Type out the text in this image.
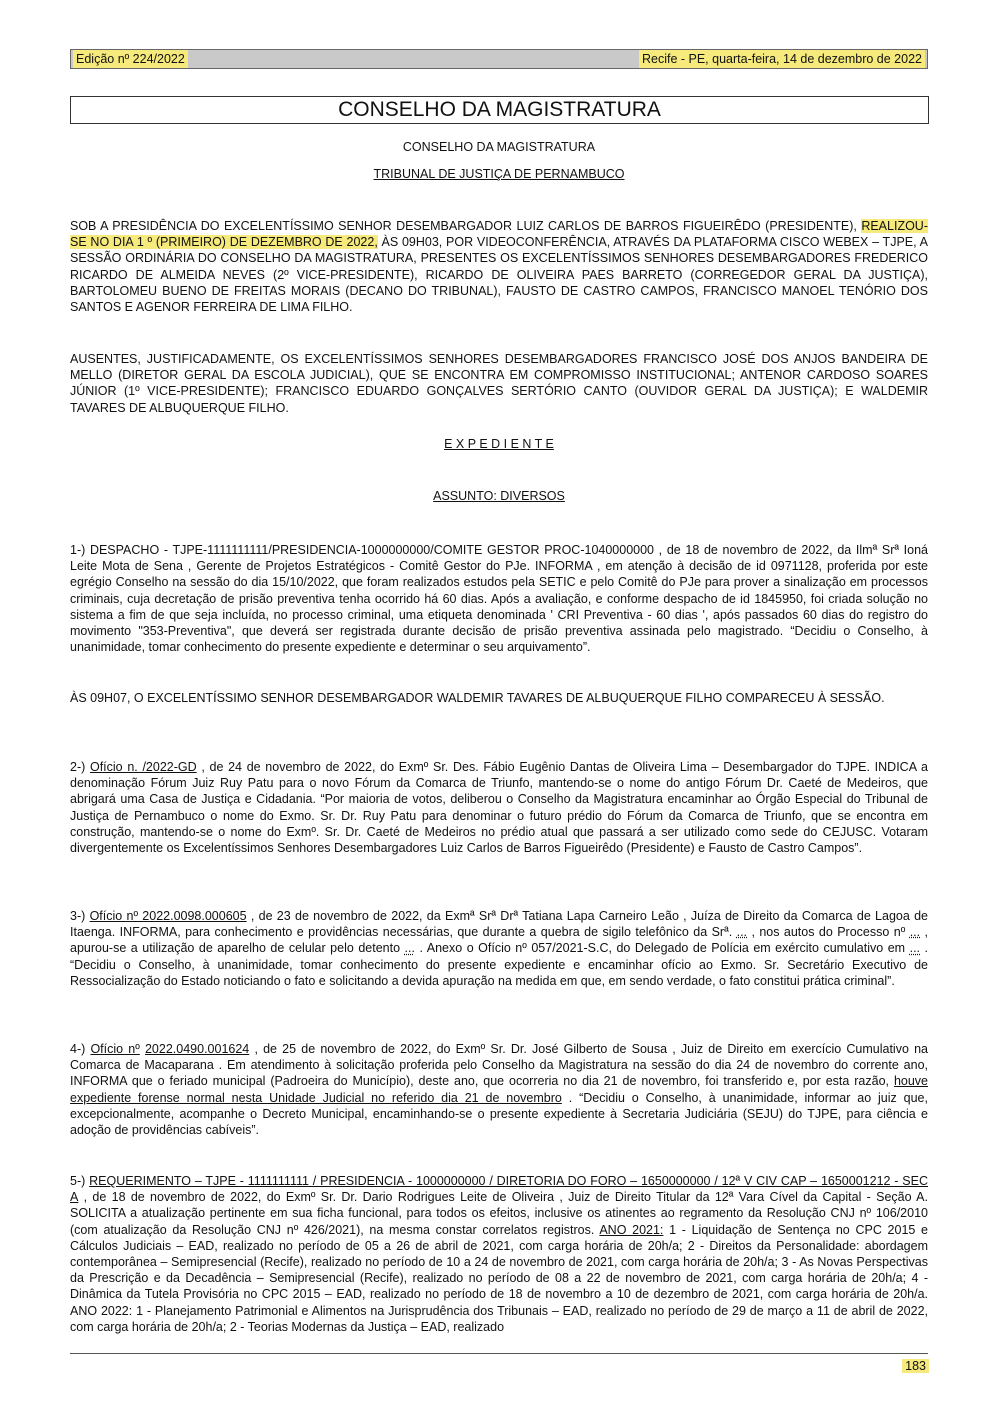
Edição nº 224/2022	Recife - PE, quarta-feira, 14 de dezembro de 2022
CONSELHO DA MAGISTRATURA
CONSELHO DA MAGISTRATURA
TRIBUNAL DE JUSTIÇA DE PERNAMBUCO

SOB A PRESIDÊNCIA DO EXCELENTÍSSIMO SENHOR DESEMBARGADOR LUIZ CARLOS DE BARROS FIGUEIRÊDO (PRESIDENTE), REALIZOU-SE NO DIA 1 º (PRIMEIRO) DE DEZEMBRO DE 2022, ÀS 09H03, POR VIDEOCONFERÊNCIA, ATRAVÉS DA PLATAFORMA CISCO WEBEX – TJPE, A SESSÃO ORDINÁRIA DO CONSELHO DA MAGISTRATURA, PRESENTES OS EXCELENTÍSSIMOS SENHORES DESEMBARGADORES FREDERICO RICARDO DE ALMEIDA NEVES (2º VICE-PRESIDENTE), RICARDO DE OLIVEIRA PAES BARRETO (CORREGEDOR GERAL DA JUSTIÇA), BARTOLOMEU BUENO DE FREITAS MORAIS (DECANO DO TRIBUNAL), FAUSTO DE CASTRO CAMPOS, FRANCISCO MANOEL TENÓRIO DOS SANTOS E AGENOR FERREIRA DE LIMA FILHO.

AUSENTES, JUSTIFICADAMENTE, OS EXCELENTÍSSIMOS SENHORES DESEMBARGADORES FRANCISCO JOSÉ DOS ANJOS BANDEIRA DE MELLO (DIRETOR GERAL DA ESCOLA JUDICIAL), QUE SE ENCONTRA EM COMPROMISSO INSTITUCIONAL; ANTENOR CARDOSO SOARES JÚNIOR (1º VICE-PRESIDENTE); FRANCISCO EDUARDO GONÇALVES SERTÓRIO CANTO (OUVIDOR GERAL DA JUSTIÇA); E WALDEMIR TAVARES DE ALBUQUERQUE FILHO.

E X P E D I E N T E
ASSUNTO: DIVERSOS

1-) DESPACHO - TJPE-1111111111/PRESIDENCIA-1000000000/COMITE GESTOR PROC-1040000000 , de 18 de novembro de 2022, da Ilmª Srª Ioná Leite Mota de Sena , Gerente de Projetos Estratégicos - Comitê Gestor do PJe. INFORMA , em atenção à decisão de id 0971128, proferida por este egrégio Conselho na sessão do dia 15/10/2022, que foram realizados estudos pela SETIC e pelo Comitê do PJe para prover a sinalização em processos criminais, cuja decretação de prisão preventiva tenha ocorrido há 60 dias. Após a avaliação, e conforme despacho de id 1845950, foi criada solução no sistema a fim de que seja incluída, no processo criminal, uma etiqueta denominada ' CRI Preventiva - 60 dias ', após passados 60 dias do registro do movimento "353-Preventiva", que deverá ser registrada durante decisão de prisão preventiva assinada pelo magistrado. “Decidiu o Conselho, à unanimidade, tomar conhecimento do presente expediente e determinar o seu arquivamento”.

ÀS 09H07, O EXCELENTÍSSIMO SENHOR DESEMBARGADOR WALDEMIR TAVARES DE ALBUQUERQUE FILHO COMPARECEU À SESSÃO.

2-) Ofício n. /2022-GD , de 24 de novembro de 2022, do Exmº Sr. Des. Fábio Eugênio Dantas de Oliveira Lima – Desembargador do TJPE. INDICA a denominação Fórum Juiz Ruy Patu para o novo Fórum da Comarca de Triunfo, mantendo-se o nome do antigo Fórum Dr. Caeté de Medeiros, que abrigará uma Casa de Justiça e Cidadania. “Por maioria de votos, deliberou o Conselho da Magistratura encaminhar ao Órgão Especial do Tribunal de Justiça de Pernambuco o nome do Exmo. Sr. Dr. Ruy Patu para denominar o futuro prédio do Fórum da Comarca de Triunfo, que se encontra em construção, mantendo-se o nome do Exmº. Sr. Dr. Caeté de Medeiros no prédio atual que passará a ser utilizado como sede do CEJUSC. Votaram divergentemente os Excelentíssimos Senhores Desembargadores Luiz Carlos de Barros Figueirêdo (Presidente) e Fausto de Castro Campos”.

3-) Ofício nº 2022.0098.000605 , de 23 de novembro de 2022, da Exmª Srª Drª Tatiana Lapa Carneiro Leão , Juíza de Direito da Comarca de Lagoa de Itaenga. INFORMA, para conhecimento e providências necessárias, que durante a quebra de sigilo telefônico da Srª. ... , nos autos do Processo nº ... , apurou-se a utilização de aparelho de celular pelo detento ... . Anexo o Ofício nº 057/2021-S.C, do Delegado de Polícia em exército cumulativo em ... . “Decidiu o Conselho, à unanimidade, tomar conhecimento do presente expediente e encaminhar ofício ao Exmo. Sr. Secretário Executivo de Ressocialização do Estado noticiando o fato e solicitando a devida apuração na medida em que, em sendo verdade, o fato constitui prática criminal”.

4-) Ofício nº 2022.0490.001624 , de 25 de novembro de 2022, do Exmº Sr. Dr. José Gilberto de Sousa , Juiz de Direito em exercício Cumulativo na Comarca de Macaparana . Em atendimento à solicitação proferida pelo Conselho da Magistratura na sessão do dia 24 de novembro do corrente ano, INFORMA que o feriado municipal (Padroeira do Município), deste ano, que ocorreria no dia 21 de novembro, foi transferido e, por esta razão, houve expediente forense normal nesta Unidade Judicial no referido dia 21 de novembro . “Decidiu o Conselho, à unanimidade, informar ao juiz que, excepcionalmente, acompanhe o Decreto Municipal, encaminhando-se o presente expediente à Secretaria Judiciária (SEJU) do TJPE, para ciência e adoção de providências cabíveis”.

5-) REQUERIMENTO – TJPE - 1111111111 / PRESIDENCIA - 1000000000 / DIRETORIA DO FORO – 1650000000 / 12ª V CIV CAP – 1650001212 - SEC A , de 18 de novembro de 2022, do Exmº Sr. Dr. Dario Rodrigues Leite de Oliveira , Juiz de Direito Titular da 12ª Vara Cível da Capital - Seção A. SOLICITA a atualização pertinente em sua ficha funcional, para todos os efeitos, inclusive os atinentes ao regramento da Resolução CNJ nº 106/2010 (com atualização da Resolução CNJ nº 426/2021), na mesma constar correlatos registros. ANO 2021: 1 - Liquidação de Sentença no CPC 2015 e Cálculos Judiciais – EAD, realizado no período de 05 a 26 de abril de 2021, com carga horária de 20h/a; 2 - Direitos da Personalidade: abordagem contemporânea – Semipresencial (Recife), realizado no período de 10 a 24 de novembro de 2021, com carga horária de 20h/a; 3 - As Novas Perspectivas da Prescrição e da Decadência – Semipresencial (Recife), realizado no período de 08 a 22 de novembro de 2021, com carga horária de 20h/a; 4 - Dinâmica da Tutela Provisória no CPC 2015 – EAD, realizado no período de 18 de novembro a 10 de dezembro de 2021, com carga horária de 20h/a. ANO 2022: 1 - Planejamento Patrimonial e Alimentos na Jurisprudência dos Tribunais – EAD, realizado no período de 29 de março a 11 de abril de 2022, com carga horária de 20h/a; 2 - Teorias Modernas da Justiça – EAD, realizado

183
